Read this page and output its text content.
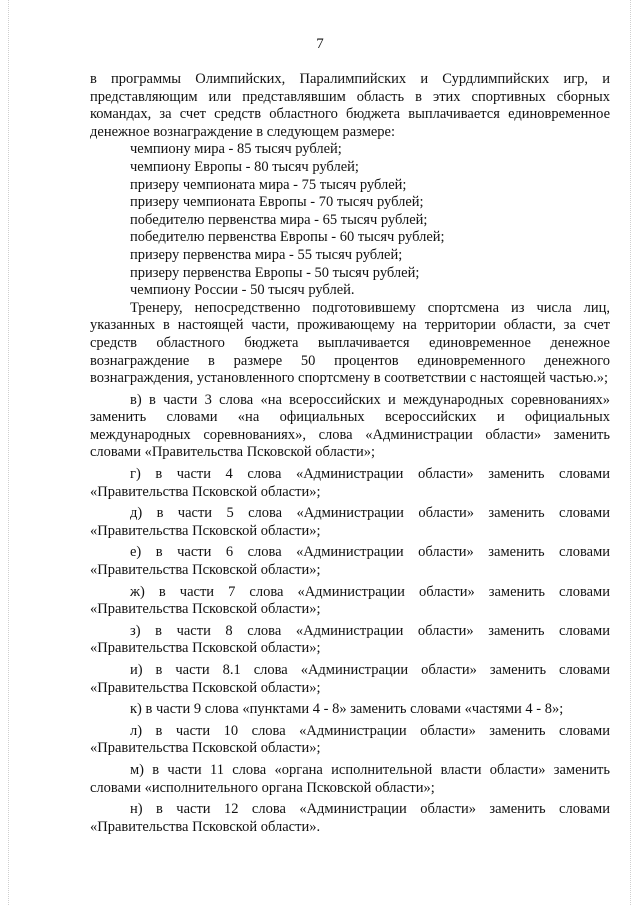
7

в программы Олимпийских, Паралимпийских и Сурдлимпийских игр, и представляющим или представлявшим область в этих спортивных сборных командах, за счет средств областного бюджета выплачивается единовременное денежное вознаграждение в следующем размере:

чемпиону мира - 85 тысяч рублей;
чемпиону Европы - 80 тысяч рублей;
призеру чемпионата мира - 75 тысяч рублей;
призеру чемпионата Европы - 70 тысяч рублей;
победителю первенства мира - 65 тысяч рублей;
победителю первенства Европы - 60 тысяч рублей;
призеру первенства мира - 55 тысяч рублей;
призеру первенства Европы - 50 тысяч рублей;
чемпиону России - 50 тысяч рублей.

Тренеру, непосредственно подготовившему спортсмена из числа лиц, указанных в настоящей части, проживающему на территории области, за счет средств областного бюджета выплачивается единовременное денежное вознаграждение в размере 50 процентов единовременного денежного вознаграждения, установленного спортсмену в соответствии с настоящей частью.»;

в) в части 3 слова «на всероссийских и международных соревнованиях» заменить словами «на официальных всероссийских и официальных международных соревнованиях», слова «Администрации области» заменить словами «Правительства Псковской области»;

г) в части 4 слова «Администрации области» заменить словами «Правительства Псковской области»;

д) в части 5 слова «Администрации области» заменить словами «Правительства Псковской области»;

е) в части 6 слова «Администрации области» заменить словами «Правительства Псковской области»;

ж) в части 7 слова «Администрации области» заменить словами «Правительства Псковской области»;

з) в части 8 слова «Администрации области» заменить словами «Правительства Псковской области»;

и) в части 8.1 слова «Администрации области» заменить словами «Правительства Псковской области»;

к) в части 9 слова «пунктами 4 - 8» заменить словами «частями 4 - 8»;

л) в части 10 слова «Администрации области» заменить словами «Правительства Псковской области»;

м) в части 11 слова «органа исполнительной власти области» заменить словами «исполнительного органа Псковской области»;

н) в части 12 слова «Администрации области» заменить словами «Правительства Псковской области».
